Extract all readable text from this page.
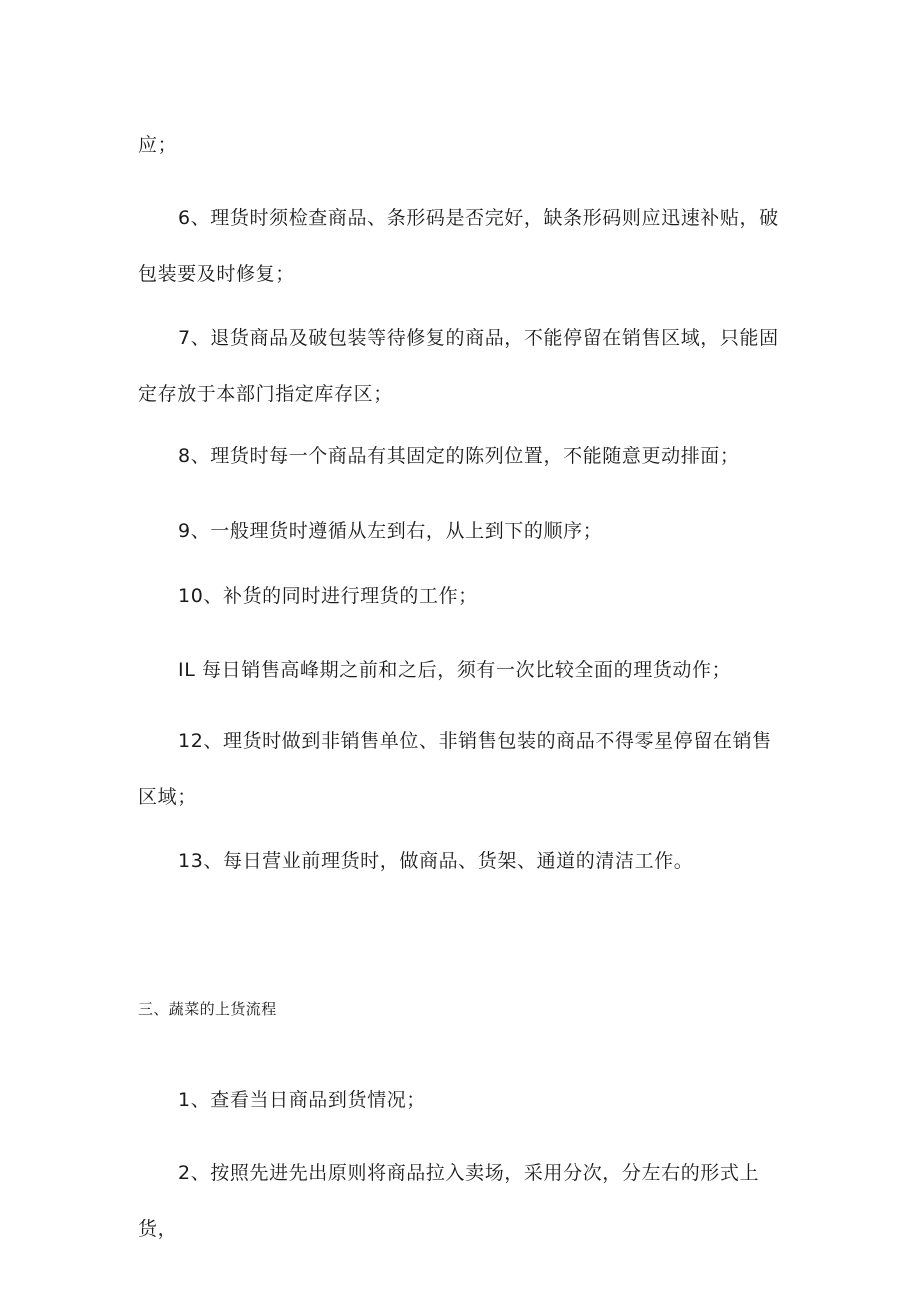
应；

6、理货时须检查商品、条形码是否完好，缺条形码则应迅速补贴，破包装要及时修复；

7、退货商品及破包装等待修复的商品，不能停留在销售区域，只能固定存放于本部门指定库存区；

8、理货时每一个商品有其固定的陈列位置，不能随意更动排面；

9、一般理货时遵循从左到右，从上到下的顺序；

10、补货的同时进行理货的工作；

IL 每日销售高峰期之前和之后，须有一次比较全面的理货动作；

12、理货时做到非销售单位、非销售包装的商品不得零星停留在销售区域；

13、每日营业前理货时，做商品、货架、通道的清洁工作。

三、蔬菜的上货流程

1、查看当日商品到货情况；

2、按照先进先出原则将商品拉入卖场，采用分次，分左右的形式上货，
